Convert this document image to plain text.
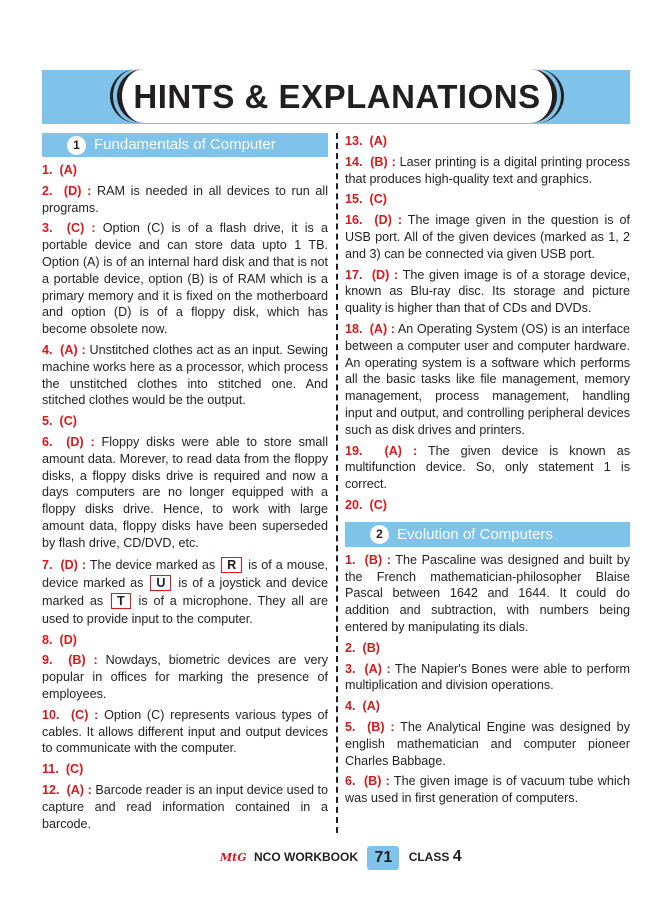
HINTS & EXPLANATIONS
1 Fundamentals of Computer
1. (A)
2. (D) : RAM is needed in all devices to run all programs.
3. (C) : Option (C) is of a flash drive, it is a portable device and can store data upto 1 TB. Option (A) is of an internal hard disk and that is not a portable device, option (B) is of RAM which is a primary memory and it is fixed on the motherboard and option (D) is of a floppy disk, which has become obsolete now.
4. (A) : Unstitched clothes act as an input. Sewing machine works here as a processor, which process the unstitched clothes into stitched one. And stitched clothes would be the output.
5. (C)
6. (D) : Floppy disks were able to store small amount data. Morever, to read data from the floppy disks, a floppy disks drive is required and now a days computers are no longer equipped with a floppy disks drive. Hence, to work with large amount data, floppy disks have been superseded by flash drive, CD/DVD, etc.
7. (D) : The device marked as R is of a mouse, device marked as U is of a joystick and device marked as T is of a microphone. They all are used to provide input to the computer.
8. (D)
9. (B) : Nowdays, biometric devices are very popular in offices for marking the presence of employees.
10. (C) : Option (C) represents various types of cables. It allows different input and output devices to communicate with the computer.
11. (C)
12. (A) : Barcode reader is an input device used to capture and read information contained in a barcode.
13. (A)
14. (B) : Laser printing is a digital printing process that produces high-quality text and graphics.
15. (C)
16. (D) : The image given in the question is of USB port. All of the given devices (marked as 1, 2 and 3) can be connected via given USB port.
17. (D) : The given image is of a storage device, known as Blu-ray disc. Its storage and picture quality is higher than that of CDs and DVDs.
18. (A) : An Operating System (OS) is an interface between a computer user and computer hardware. An operating system is a software which performs all the basic tasks like file management, memory management, process management, handling input and output, and controlling peripheral devices such as disk drives and printers.
19. (A) : The given device is known as multifunction device. So, only statement 1 is correct.
20. (C)
2 Evolution of Computers
1. (B) : The Pascaline was designed and built by the French mathematician-philosopher Blaise Pascal between 1642 and 1644. It could do addition and subtraction, with numbers being entered by manipulating its dials.
2. (B)
3. (A) : The Napier's Bones were able to perform multiplication and division operations.
4. (A)
5. (B) : The Analytical Engine was designed by english mathematician and computer pioneer Charles Babbage.
6. (B) : The given image is of vacuum tube which was used in first generation of computers.
MtG NCO WORKBOOK 71 CLASS 4
